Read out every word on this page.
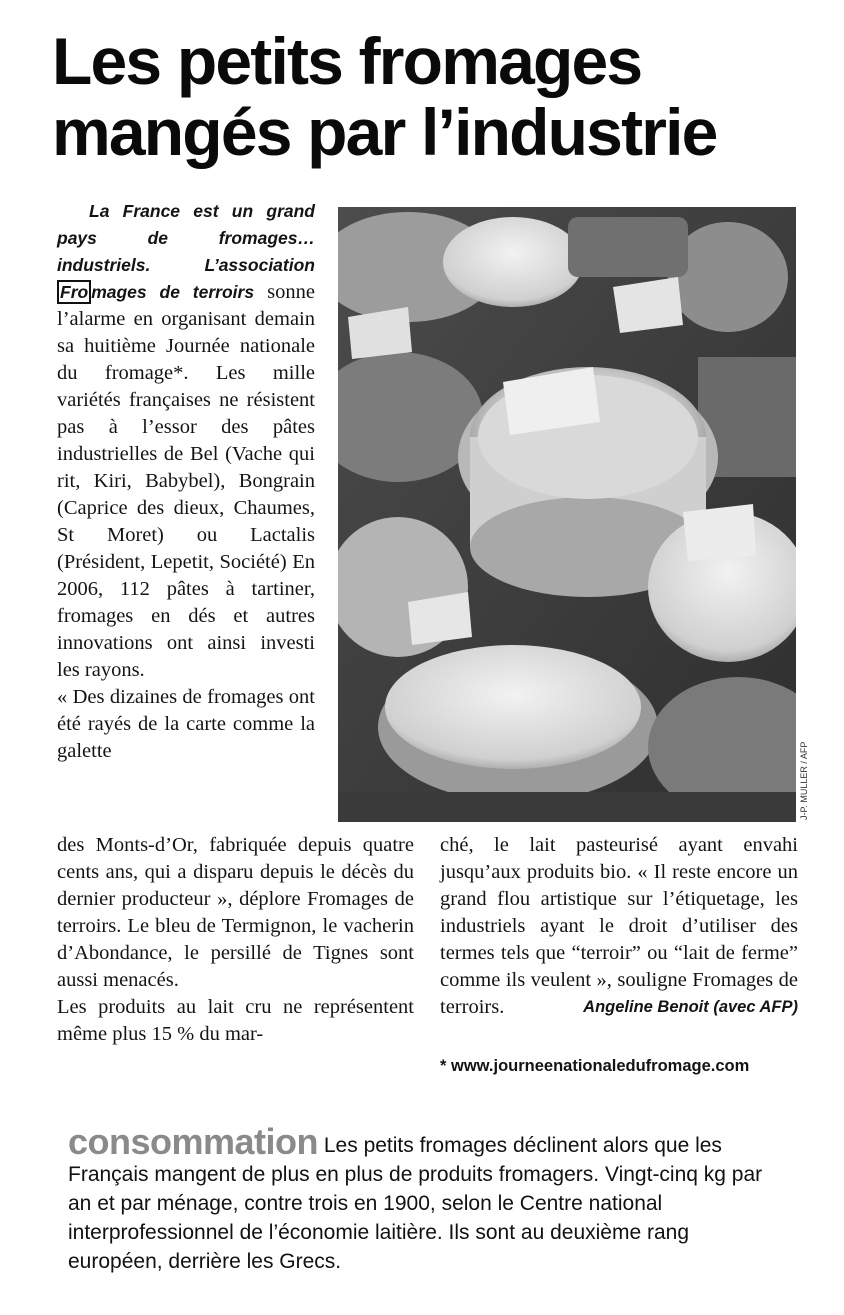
Les petits fromages
mangés par l’industrie

La France est un grand pays de fromages… industriels. L’association Fro mages de terroirs sonne l’alarme en organisant demain sa huitième Journée nationale du fromage*. Les mille variétés françaises ne résistent pas à l’essor des pâtes industrielles de Bel (Vache qui rit, Kiri, Babybel), Bongrain (Caprice des dieux, Chaumes, St Moret) ou Lactalis (Président, Lepetit, Société) En 2006, 112 pâtes à tartiner, fromages en dés et autres innovations ont ainsi investi les rayons.

« Des dizaines de fromages ont été rayés de la carte comme la galette	J-P. MULLER / AFP

des Monts-d’Or, fabriquée depuis quatre cents ans, qui a disparu depuis le décès du dernier producteur », déplore Fromages de terroirs. Le bleu de Termignon, le vacherin d’Abondance, le persillé de Tignes sont aussi menacés.

Les produits au lait cru ne représentent même plus 15 % du mar-

ché, le lait pasteurisé ayant envahi jusqu’aux produits bio. « Il reste encore un grand flou artistique sur l’étiquetage, les industriels ayant le droit d’utiliser des termes tels que “terroir” ou “lait de ferme” comme ils veulent », souligne Fromages de terroirs.	Angeline Benoit (avec AFP)

* www.journeenationaledufromage.com
consommation Les petits fromages déclinent alors que les Français mangent de plus en plus de produits fromagers. Vingt-cinq kg par an et par ménage, contre trois en 1900, selon le Centre national interprofessionnel de l’économie laitière. Ils sont au deuxième rang européen, derrière les Grecs.
